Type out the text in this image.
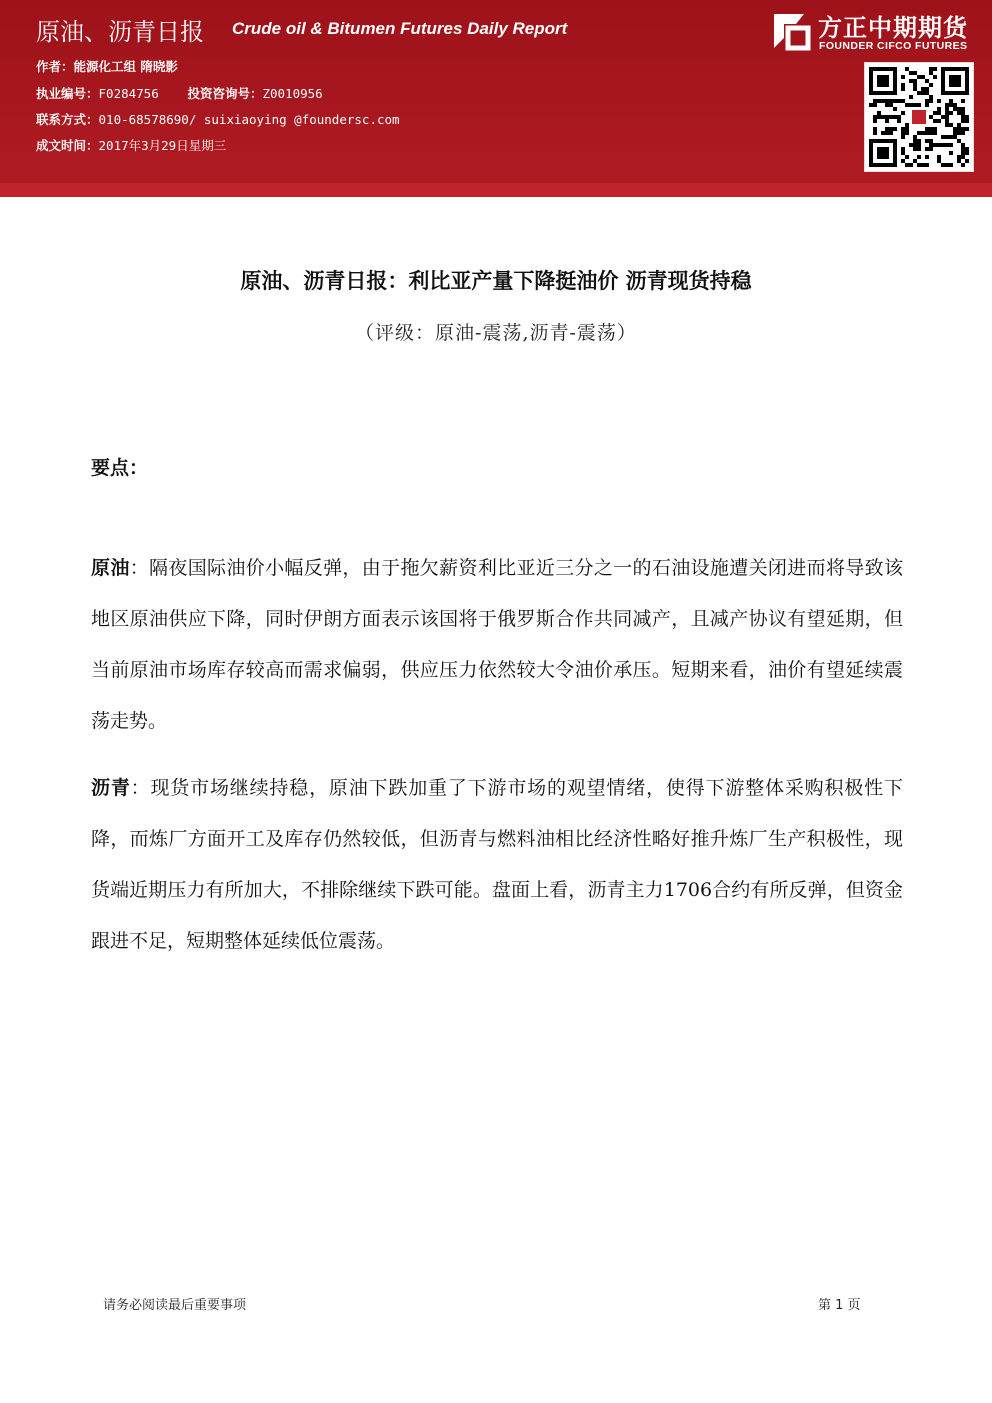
原油、沥青日报 Crude oil & Bitumen Futures Daily Report
作者：能源化工组 隋晓影
执业编号：F0284756 投资咨询号：Z0010956
联系方式：010-68578690/ suixiaoying @foundersc.com
成文时间：2017年3月29日星期三
方正中期期货
FOUNDER CIFCO FUTURES
原油、沥青日报：利比亚产量下降挺油价 沥青现货持稳
（评级：原油-震荡,沥青-震荡）
要点：
原油：隔夜国际油价小幅反弹，由于拖欠薪资利比亚近三分之一的石油设施遭关闭进而将导致该地区原油供应下降，同时伊朗方面表示该国将于俄罗斯合作共同减产，且减产协议有望延期，但当前原油市场库存较高而需求偏弱，供应压力依然较大令油价承压。短期来看，油价有望延续震荡走势。
沥青：现货市场继续持稳，原油下跌加重了下游市场的观望情绪，使得下游整体采购积极性下降，而炼厂方面开工及库存仍然较低，但沥青与燃料油相比经济性略好推升炼厂生产积极性，现货端近期压力有所加大，不排除继续下跌可能。盘面上看，沥青主力1706合约有所反弹，但资金跟进不足，短期整体延续低位震荡。
请务必阅读最后重要事项	第 1 页
